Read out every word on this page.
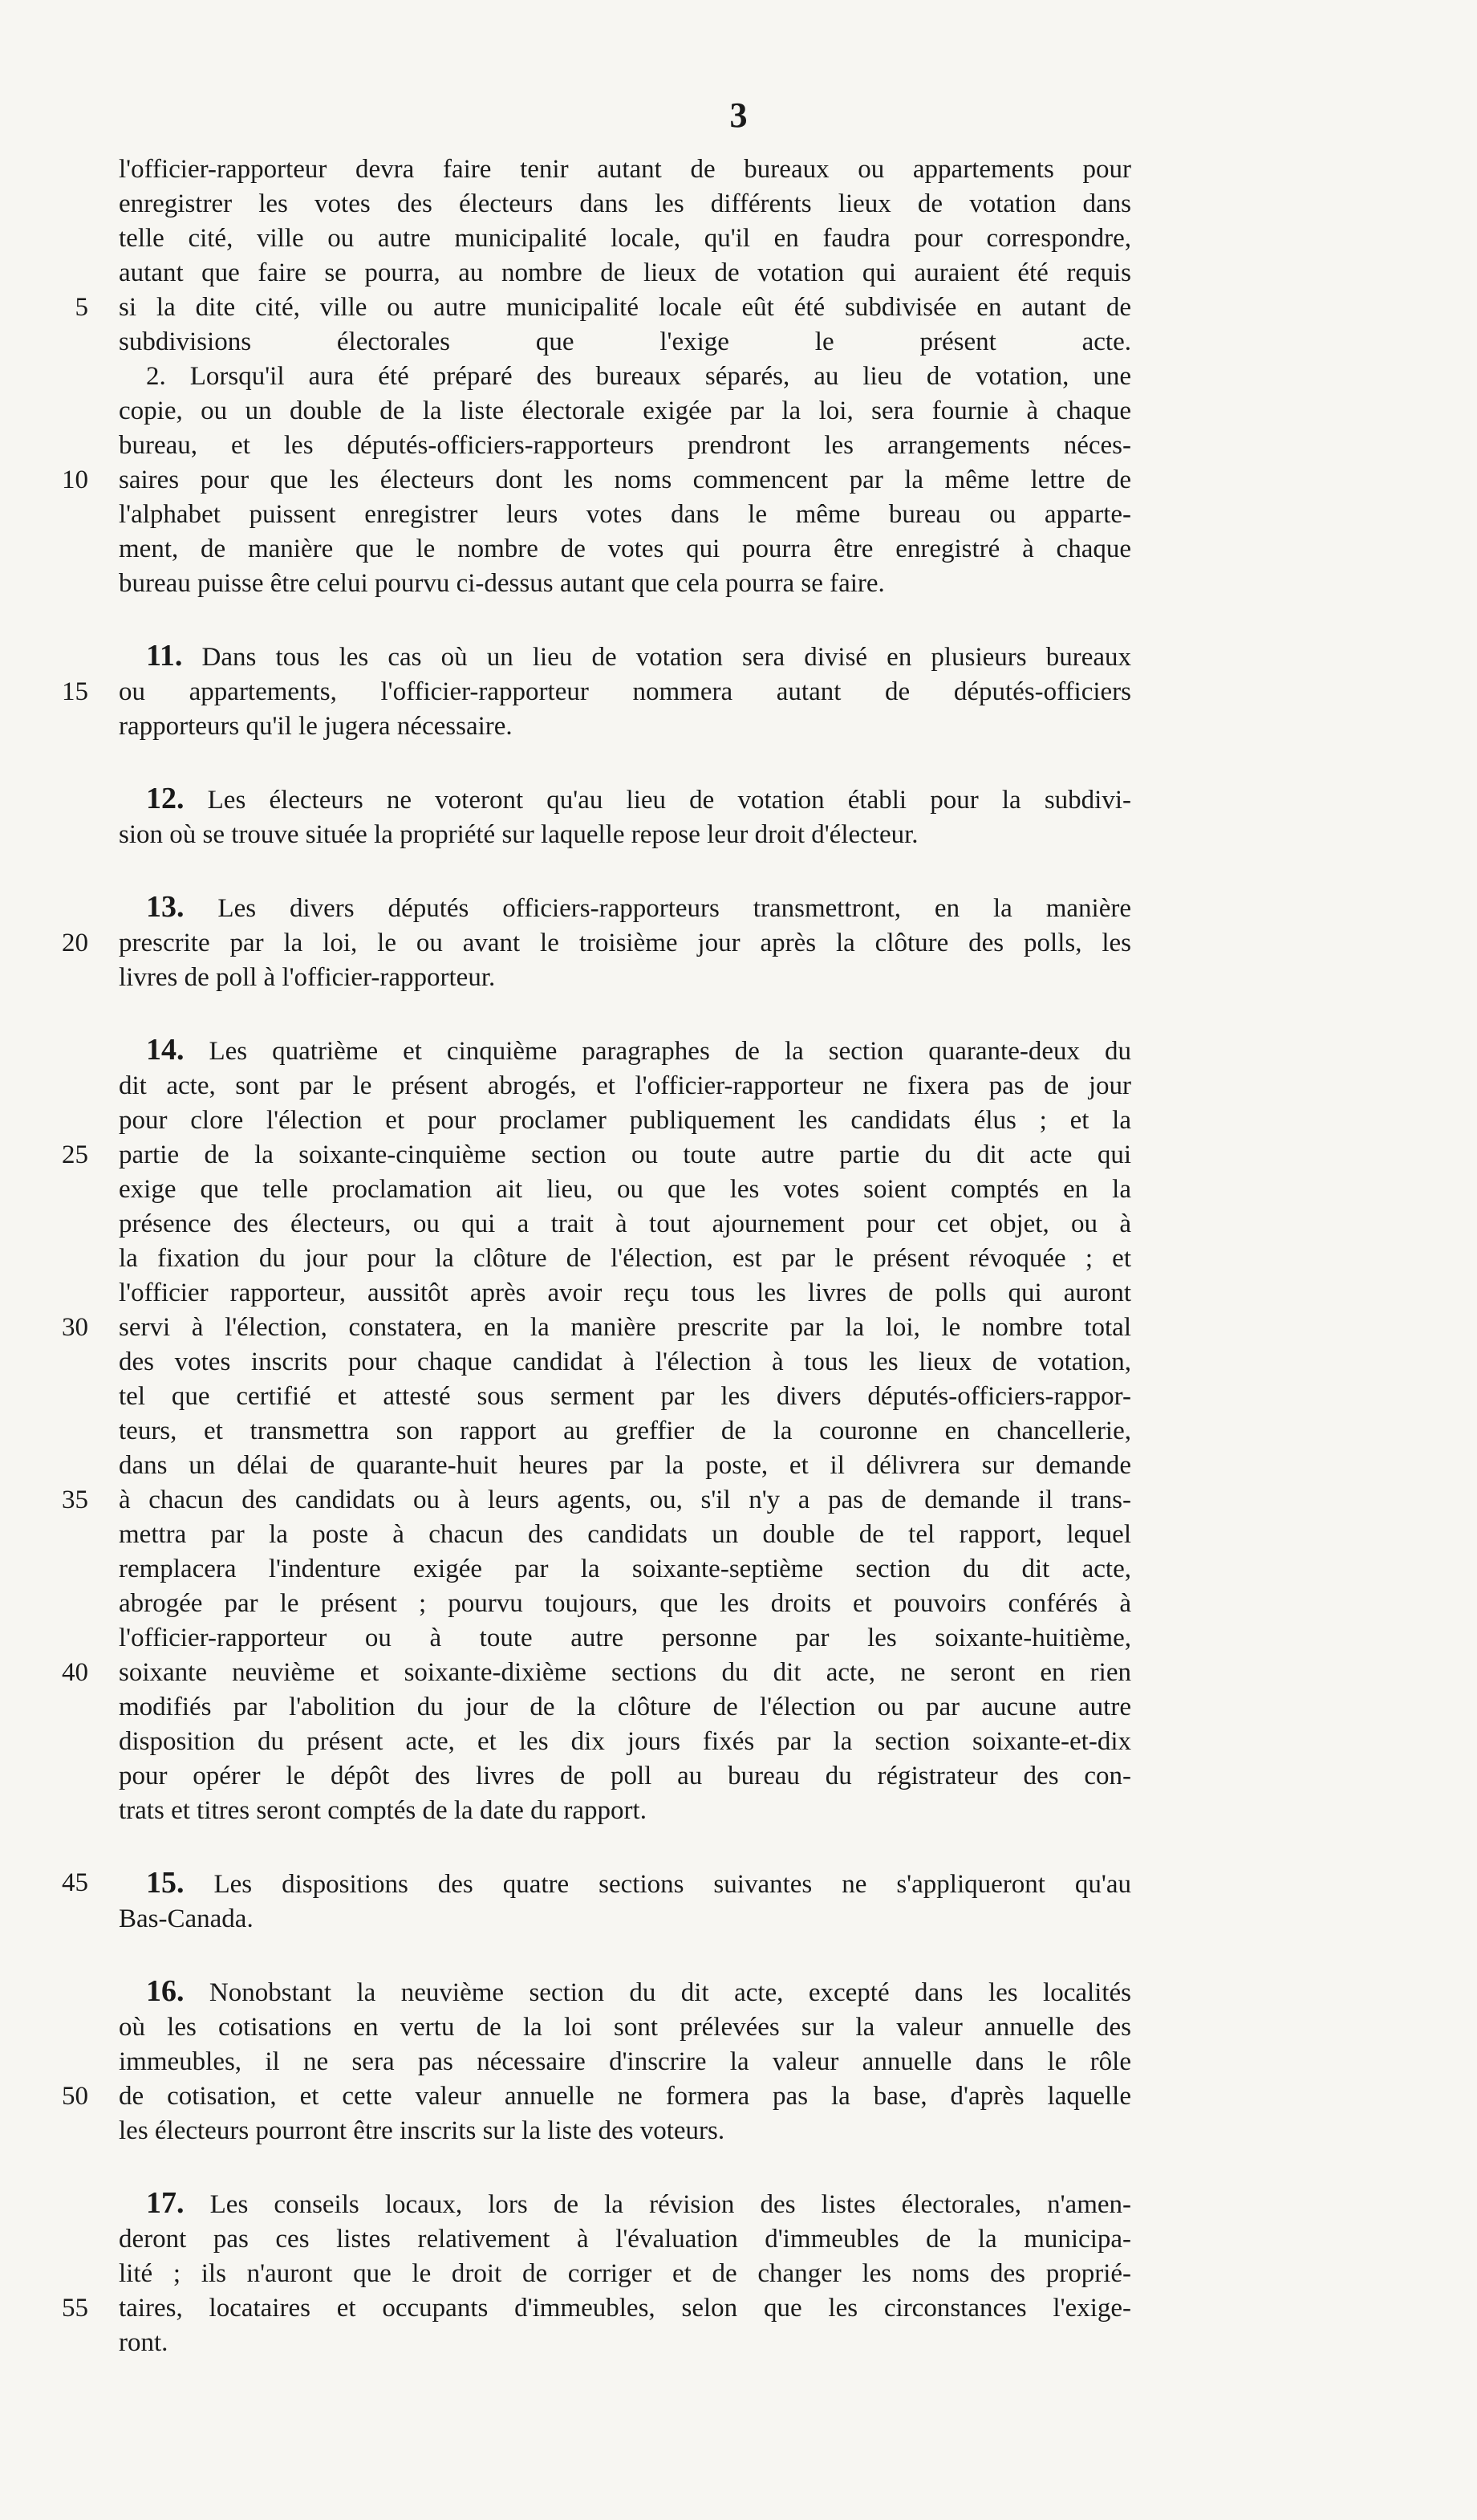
3
l'officier-rapporteur devra faire tenir autant de bureaux ou appartements pour
enregistrer les votes des électeurs dans les différents lieux de votation dans
telle cité, ville ou autre municipalité locale, qu'il en faudra pour correspondre,
autant que faire se pourra, au nombre de lieux de votation qui auraient été requis
5 si la dite cité, ville ou autre municipalité locale eût été subdivisée en autant de
subdivisions électorales que l'exige le présent acte.
2. Lorsqu'il aura été préparé des bureaux séparés, au lieu de votation, une
copie, ou un double de la liste électorale exigée par la loi, sera fournie à chaque
bureau, et les députés-officiers-rapporteurs prendront les arrangements néces-
10 saires pour que les électeurs dont les noms commencent par la même lettre de
l'alphabet puissent enregistrer leurs votes dans le même bureau ou apparte-
ment, de manière que le nombre de votes qui pourra être enregistré à chaque
bureau puisse être celui pourvu ci-dessus autant que cela pourra se faire.
11. Dans tous les cas où un lieu de votation sera divisé en plusieurs bureaux
15 ou appartements, l'officier-rapporteur nommera autant de députés-officiers
rapporteurs qu'il le jugera nécessaire.
12. Les électeurs ne voteront qu'au lieu de votation établi pour la subdivi-
sion où se trouve située la propriété sur laquelle repose leur droit d'électeur.
13. Les divers députés officiers-rapporteurs transmettront, en la manière
20 prescrite par la loi, le ou avant le troisième jour après la clôture des polls, les
livres de poll à l'officier-rapporteur.
14. Les quatrième et cinquième paragraphes de la section quarante-deux du
dit acte, sont par le présent abrogés, et l'officier-rapporteur ne fixera pas de jour
pour clore l'élection et pour proclamer publiquement les candidats élus ; et la
25 partie de la soixante-cinquième section ou toute autre partie du dit acte qui
exige que telle proclamation ait lieu, ou que les votes soient comptés en la
présence des électeurs, ou qui a trait à tout ajournement pour cet objet, ou à
la fixation du jour pour la clôture de l'élection, est par le présent révoquée ; et
l'officier rapporteur, aussitôt après avoir reçu tous les livres de polls qui auront
30 servi à l'élection, constatera, en la manière prescrite par la loi, le nombre total
des votes inscrits pour chaque candidat à l'élection à tous les lieux de votation,
tel que certifié et attesté sous serment par les divers députés-officiers-rappor-
teurs, et transmettra son rapport au greffier de la couronne en chancellerie,
dans un délai de quarante-huit heures par la poste, et il délivrera sur demande
35 à chacun des candidats ou à leurs agents, ou, s'il n'y a pas de demande il trans-
mettra par la poste à chacun des candidats un double de tel rapport, lequel
remplacera l'indenture exigée par la soixante-septième section du dit acte,
abrogée par le présent ; pourvu toujours, que les droits et pouvoirs conférés à
l'officier-rapporteur ou à toute autre personne par les soixante-huitième,
40 soixante neuvième et soixante-dixième sections du dit acte, ne seront en rien
modifiés par l'abolition du jour de la clôture de l'élection ou par aucune autre
disposition du présent acte, et les dix jours fixés par la section soixante-et-dix
pour opérer le dépôt des livres de poll au bureau du régistrateur des con-
trats et titres seront comptés de la date du rapport.
45 15. Les dispositions des quatre sections suivantes ne s'appliqueront qu'au
Bas-Canada.
16. Nonobstant la neuvième section du dit acte, excepté dans les localités
où les cotisations en vertu de la loi sont prélevées sur la valeur annuelle des
immeubles, il ne sera pas nécessaire d'inscrire la valeur annuelle dans le rôle
50 de cotisation, et cette valeur annuelle ne formera pas la base, d'après laquelle
les électeurs pourront être inscrits sur la liste des voteurs.
17. Les conseils locaux, lors de la révision des listes électorales, n'amen-
deront pas ces listes relativement à l'évaluation d'immeubles de la municipa-
lité ; ils n'auront que le droit de corriger et de changer les noms des proprié-
55 taires, locataires et occupants d'immeubles, selon que les circonstances l'exige-
ront.
